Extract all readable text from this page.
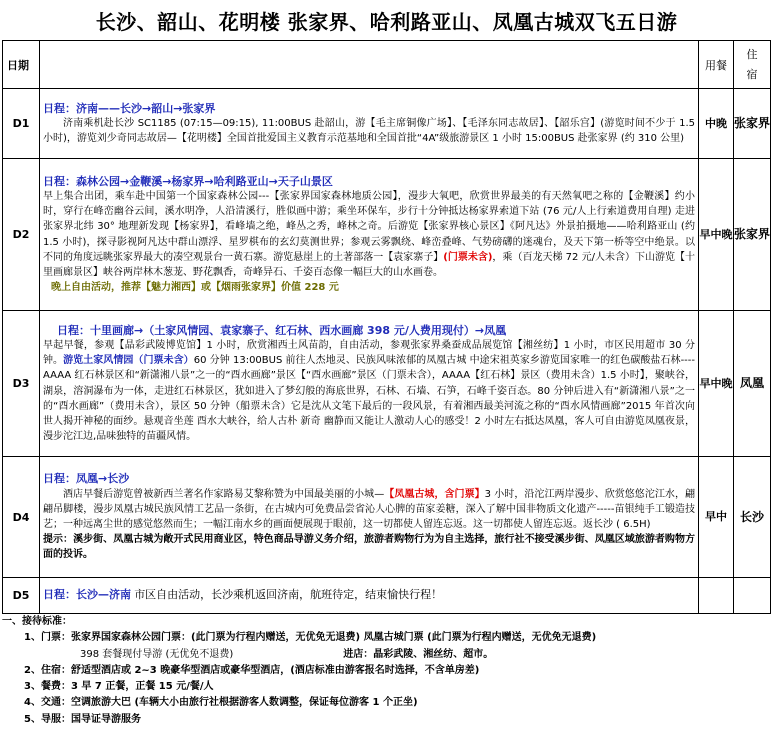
长沙、韶山、花明楼 张家界、哈利路亚山、凤凰古城双飞五日游
日期		用餐	住
宿
D1	日程：济南——长沙→韶山→张家界
济南乘机赴长沙 SC1185 (07:15—09:15), 11:00BUS 赴韶山，游【毛主席铜像广场】、【毛泽东同志故居】、【韶乐宫】(游览时间不少于 1.5 小时)，游览刘少奇同志故居—【花明楼】全国首批爱国主义教育示范基地和全国首批“4A”级旅游景区 1 小时 15:00BUS 赴张家界 (约 310 公里)	中晚	张家界
D2	日程：森林公园→金鞭溪→杨家界→哈利路亚山→天子山景区
早上集合出团，乘车赴中国第一个国家森林公园---【张家界国家森林地质公园】，漫步大氧吧，欣赏世界最美的有天然氧吧之称的【金鞭溪】约小时，穿行在峰峦幽谷云间，溪水明净，人沿清溪行，胜似画中游；乘坐环保车，步行十分钟抵达杨家界索道下站 (76 元/人上行索道费用自理) 走进张家界北纬 30° 地理新发现【杨家界】，看峰墙之绝，峰丛之秀，峰林之奇。后游览【张家界核心景区】《阿凡达》外景拍摄地——哈利路亚山 (约 1.5 小时)，探寻影视阿凡达中群山漂浮、星罗棋布的玄幻莫测世界；参观云雾飘绕、峰峦叠峰、气势磅礴的迷魂台，及天下第一桥等空中绝景。以不同的角度远眺张家界最大的凑空观景台一黄石寨。游览悬崖上的土著部落一【袁家寨子】(门票未含)，乘（百龙天梯 72 元/人未含）下山游览【十里画廊景区】峡谷两岸林木葱茏、野花飘香，奇峰异石、千姿百态像一幅巨大的山水画卷。
晚上自由活动，推荐【魅力湘西】或【烟雨张家界】价值 228 元	早中晚	张家界
D3	日程：十里画廊→（土家风情园、袁家寨子、红石林、西水画廊 398 元/人费用现付）→凤凰
早起早餐，参观【晶彩武陵博览馆】1 小时，欣赏湘西土风苗韵，自由活动，参观张家界桑蚕成品展览馆【湘丝纺】1 小时，市区民用超市 30 分钟。游览土家风情园（门票未含）60 分钟 13:00BUS 前往人杰地灵、民族风味浓郁的凤凰古城 中途宋祖英家乡游览国家唯一的红色碳酸盐石林----AAAA 红石林景区和“新潇湘八景”之一的“酉水画廊”景区【“酉水画廊”景区（门票未含），AAAA【红石林】景区（费用未含）1.5 小时】，聚峡谷，湖泉，溶洞瀑布为一体，走进红石林景区，犹如进入了梦幻般的海底世界，石林、石墙、石笋，石峰千姿百态。80 分钟后进入有“新潇湘八景”之一的“酉水画廊”（费用未含），景区 50 分钟（船票未含）它是沈从文笔下最后的一段风景，有着湘西最美河流之称的“酉水风情画廊”2015 年首次向世人揭开神秘的面纱。悬观音坐莲 酉水大峡谷，给人古朴 新奇 幽静而又能让人激动人心的感受！2 小时左右抵达凤凰，客人可自由游览凤凰夜景，漫步沱江边,品味独特的苗疆风情。	早中晚	凤凰
D4	日程：凤凰→长沙
酒店早餐后游览曾被新西兰著名作家路易艾黎称赞为中国最美丽的小城—【凤凰古城，含门票】3 小时，沿沱江两岸漫步、欣赏悠悠沱江水，翩翩吊脚楼，漫步凤凰古城民族风情工艺品一条街，在古城内可免费品尝省沁人心脾的苗家姜糖，深入了解中国非物质文化遗产-----苗银纯手工锻造技艺；一种远离尘世的感觉悠然而生；一幅江南水乡的画面便展现于眼前，这一切都使人留连忘返。这一切都使人留连忘返。返长沙 ( 6.5H)
提示：溪步街、凤凰古城为敞开式民用商业区，特色商品导游义务介绍，旅游者购物行为为自主选择，旅行社不接受溪步街、凤凰区域旅游者购物方面的投诉。	早中	长沙
D5	日程：长沙—济南 市区自由活动，长沙乘机返回济南，航班待定，结束愉快行程！		
一、接待标准：
1、门票：张家界国家森林公园门票：(此门票为行程内赠送，无优免无退费) 凤凰古城门票 (此门票为行程内赠送，无优免无退费)
398 套餐现付导游 (无优免不退费)	进店：晶彩武陵、湘丝纺、超市。
2、住宿：舒适型酒店或 2~3 晚豪华型酒店或豪华型酒店，(酒店标准由游客报名时选择，不含单房差)
3、餐费：3 早 7 正餐，正餐 15 元/餐/人
4、交通：空调旅游大巴 (车辆大小由旅行社根据游客人数调整，保证每位游客 1 个正坐)
5、导服：国导证导游服务
